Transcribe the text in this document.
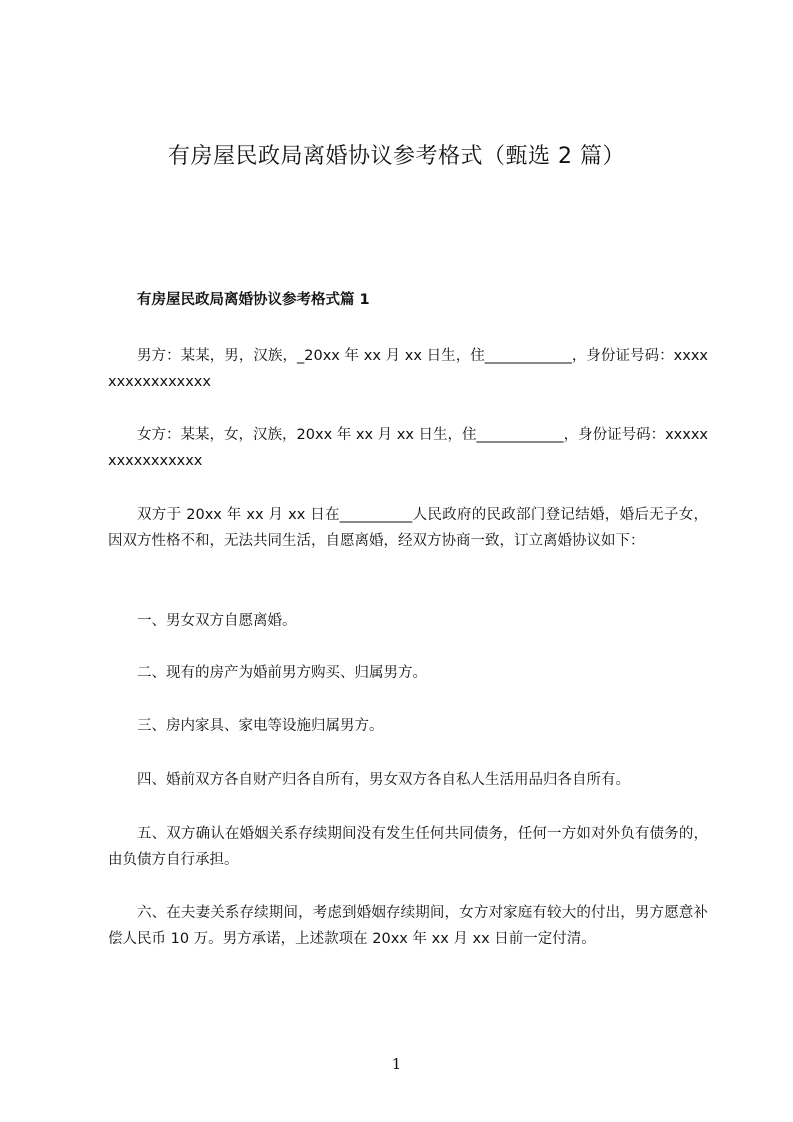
有房屋民政局离婚协议参考格式（甄选 2 篇）
有房屋民政局离婚协议参考格式篇 1

男方：某某，男，汉族，_20xx 年 xx 月 xx 日生，住____________，身份证号码：xxxxxxxxxxxxxxxx

女方：某某，女，汉族，20xx 年 xx 月 xx 日生，住____________，身份证号码：xxxxxxxxxxxxxxxx

双方于 20xx 年 xx 月 xx 日在__________人民政府的民政部门登记结婚，婚后无子女，因双方性格不和，无法共同生活，自愿离婚，经双方协商一致，订立离婚协议如下：

一、男女双方自愿离婚。

二、现有的房产为婚前男方购买、归属男方。

三、房内家具、家电等设施归属男方。

四、婚前双方各自财产归各自所有，男女双方各自私人生活用品归各自所有。

五、双方确认在婚姻关系存续期间没有发生任何共同债务，任何一方如对外负有债务的，由负债方自行承担。

六、在夫妻关系存续期间，考虑到婚姻存续期间，女方对家庭有较大的付出，男方愿意补偿人民币 10 万。男方承诺，上述款项在 20xx 年 xx 月 xx 日前一定付清。

1
